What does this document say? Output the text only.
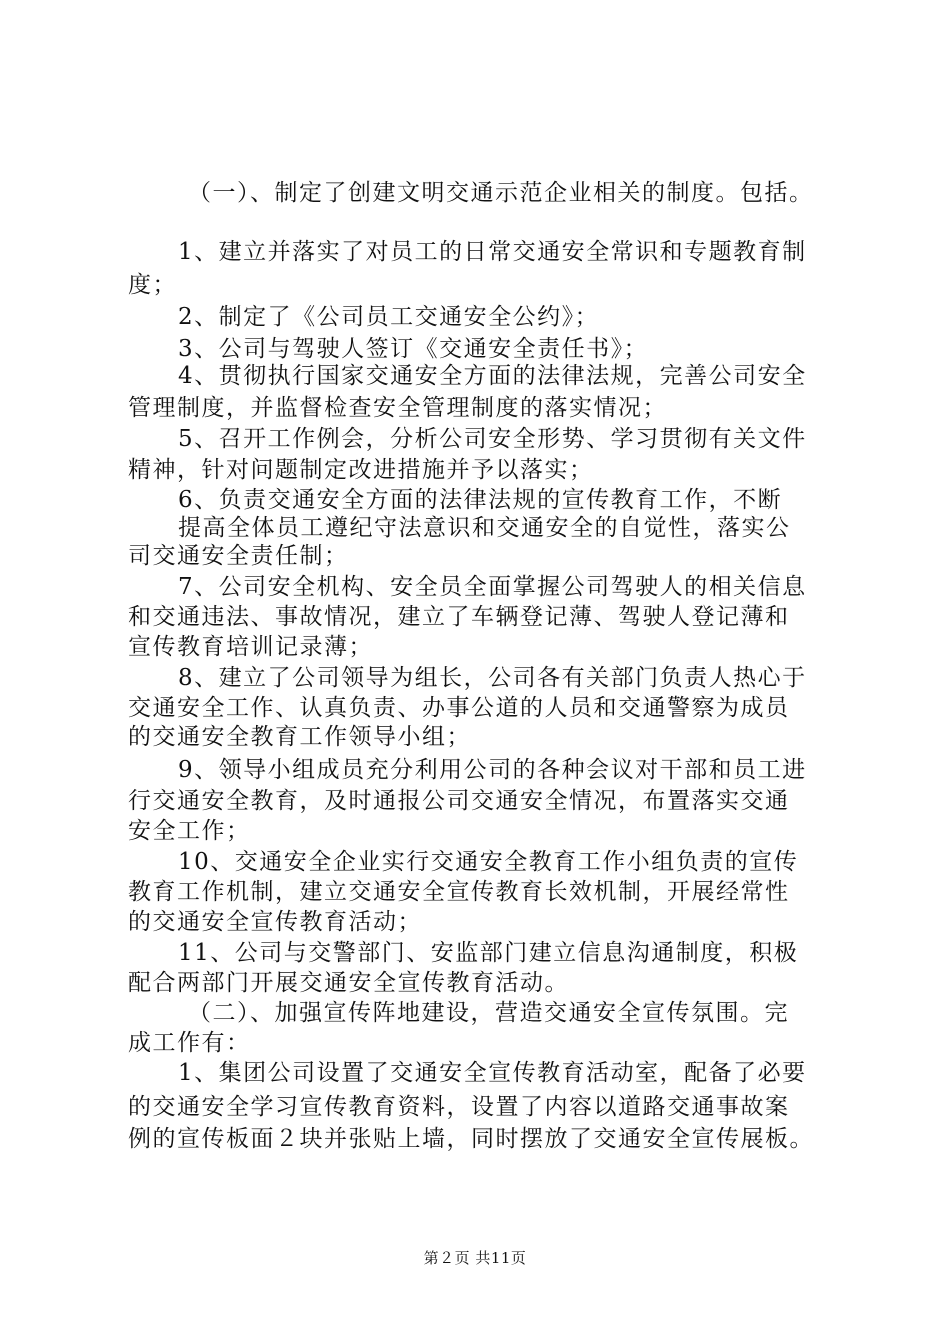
（一）、制定了创建文明交通示范企业相关的制度。包括。
1、建立并落实了对员工的日常交通安全常识和专题教育制
度；
2、制定了《公司员工交通安全公约》；
3、公司与驾驶人签订《交通安全责任书》；
4、贯彻执行国家交通安全方面的法律法规，完善公司安全
管理制度，并监督检查安全管理制度的落实情况；
5、召开工作例会，分析公司安全形势、学习贯彻有关文件
精神，针对问题制定改进措施并予以落实；
6、负责交通安全方面的法律法规的宣传教育工作，不断
提高全体员工遵纪守法意识和交通安全的自觉性，落实公
司交通安全责任制；
7、公司安全机构、安全员全面掌握公司驾驶人的相关信息
和交通违法、事故情况，建立了车辆登记薄、驾驶人登记薄和
宣传教育培训记录薄；
8、建立了公司领导为组长，公司各有关部门负责人热心于
交通安全工作、认真负责、办事公道的人员和交通警察为成员
的交通安全教育工作领导小组；
9、领导小组成员充分利用公司的各种会议对干部和员工进
行交通安全教育，及时通报公司交通安全情况，布置落实交通
安全工作；
10、交通安全企业实行交通安全教育工作小组负责的宣传
教育工作机制，建立交通安全宣传教育长效机制，开展经常性
的交通安全宣传教育活动；
11、公司与交警部门、安监部门建立信息沟通制度，积极
配合两部门开展交通安全宣传教育活动。
（二）、加强宣传阵地建设，营造交通安全宣传氛围。完
成工作有：
1、集团公司设置了交通安全宣传教育活动室，配备了必要
的交通安全学习宣传教育资料，设置了内容以道路交通事故案
例的宣传板面２块并张贴上墙，同时摆放了交通安全宣传展板。
第２页 共11页
